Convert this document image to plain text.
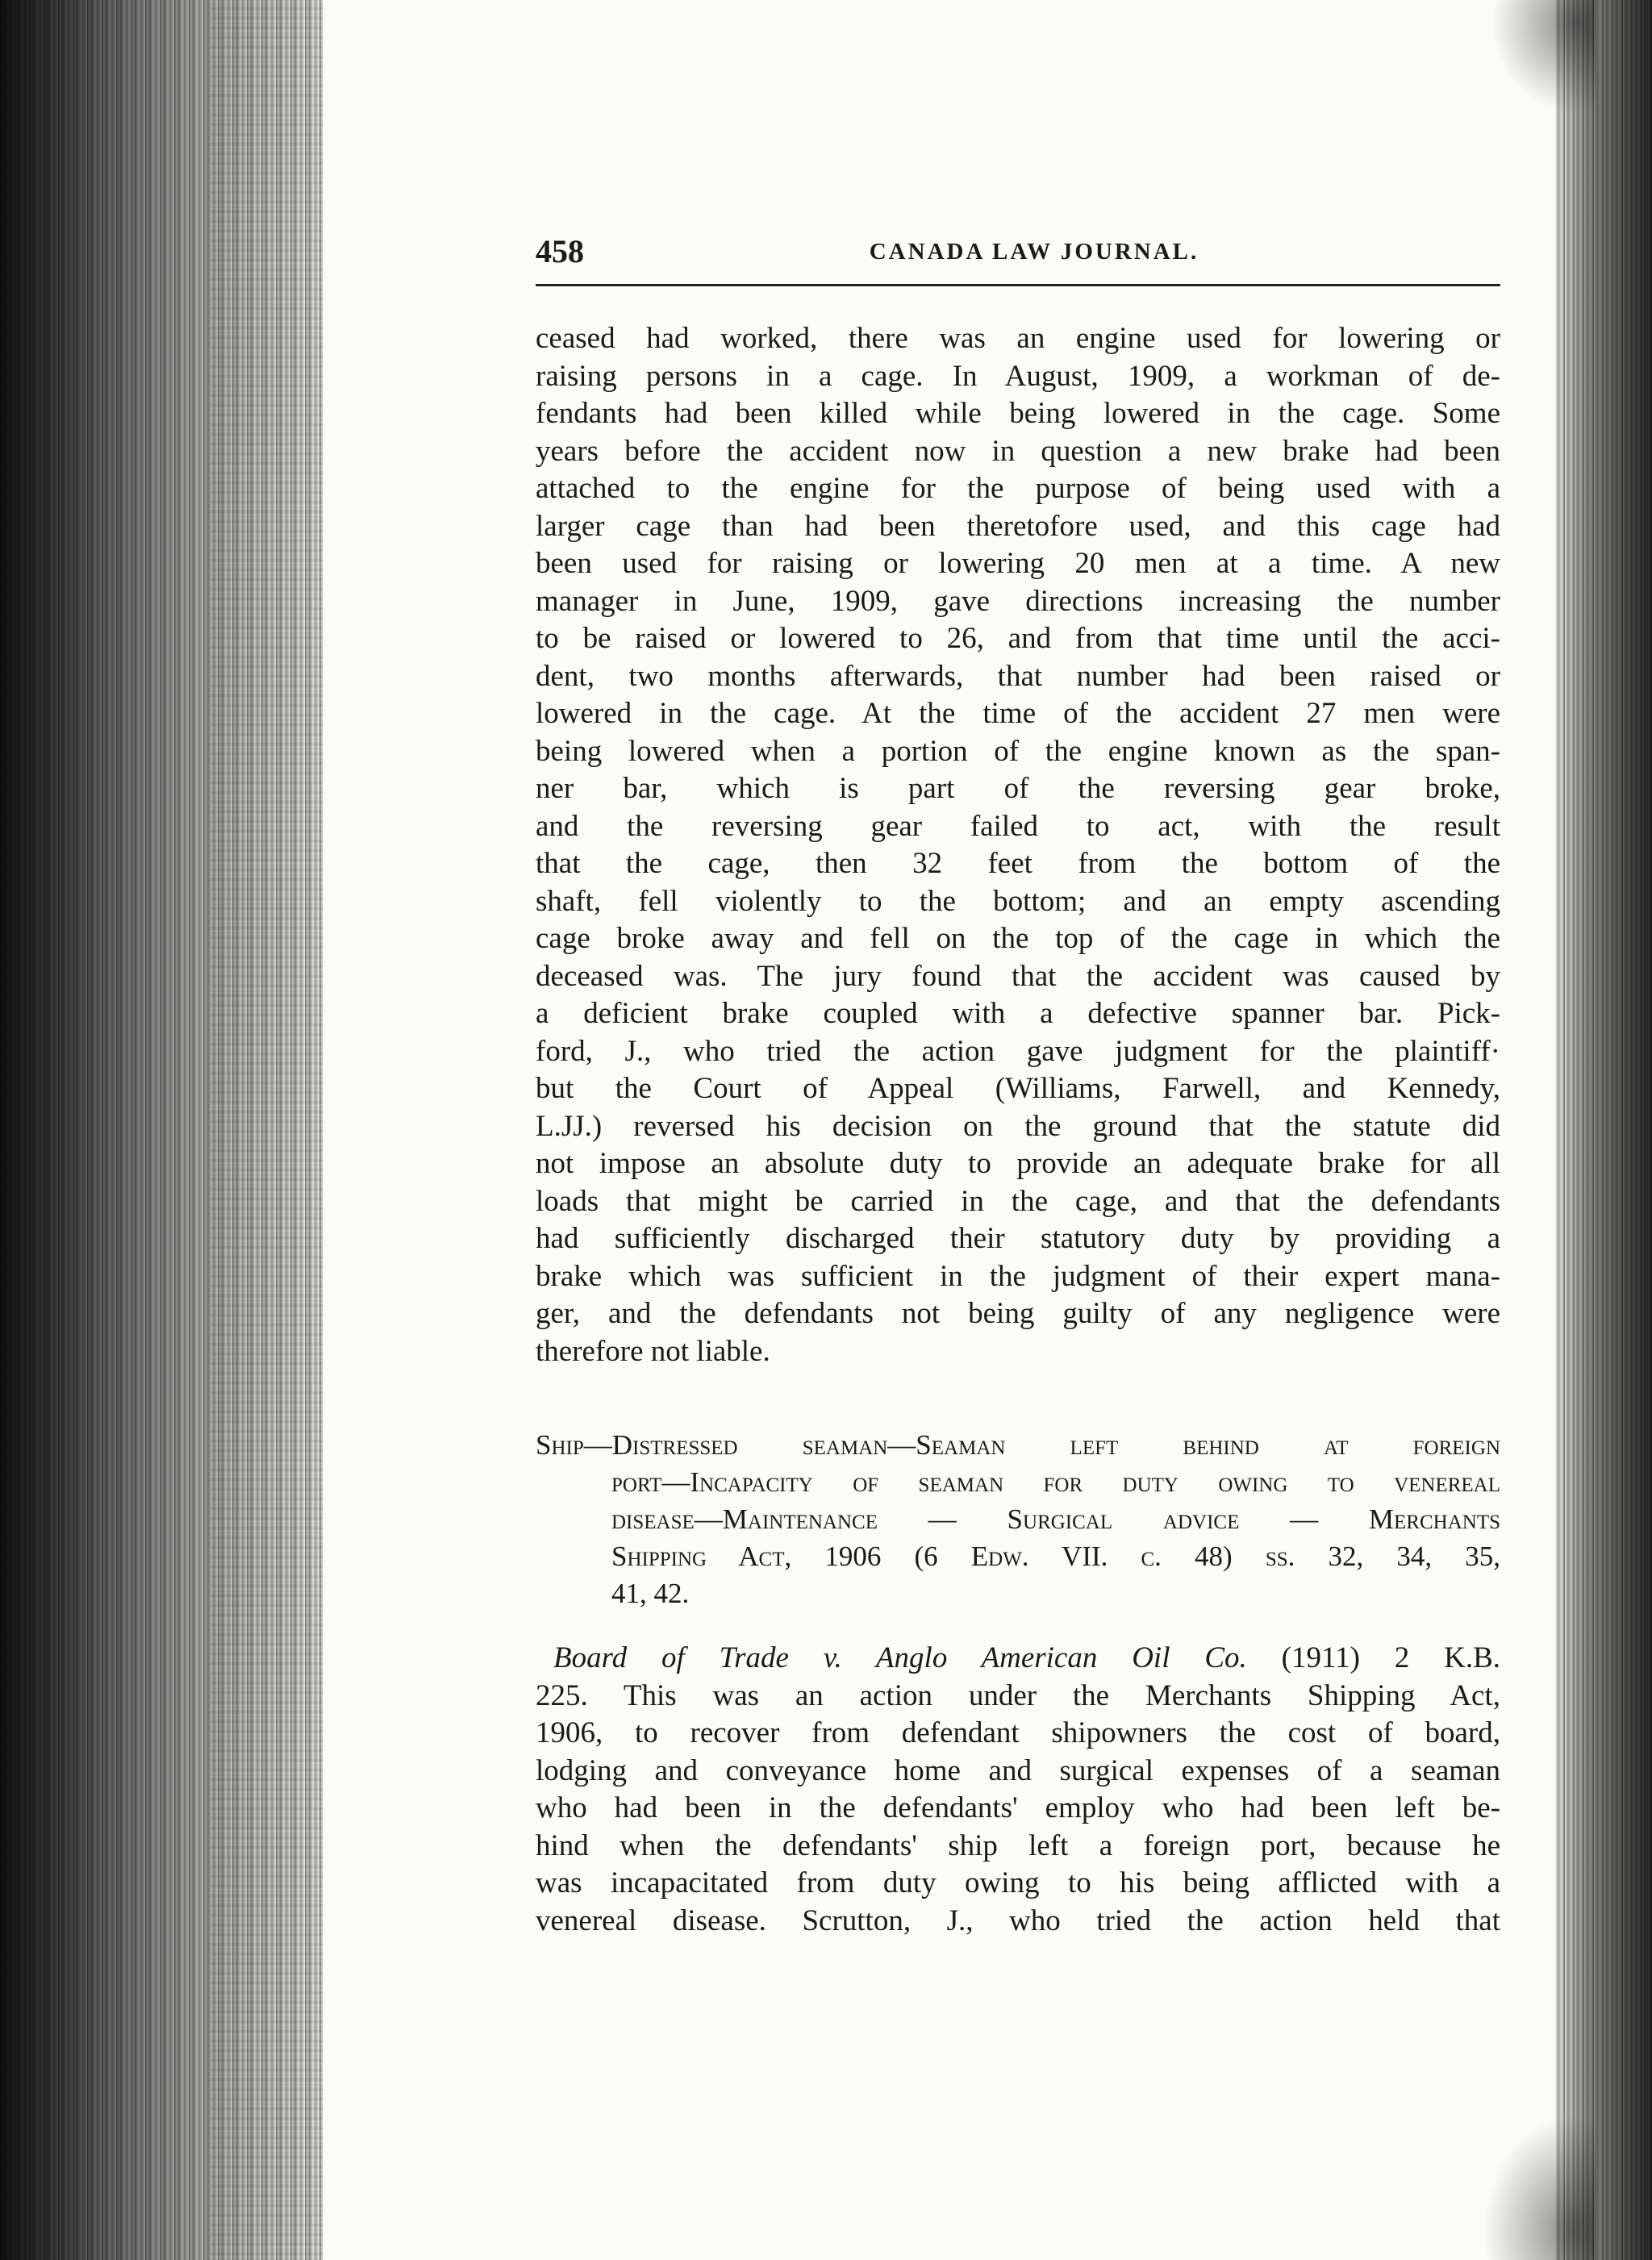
458	CANADA LAW JOURNAL.
ceased had worked, there was an engine used for lowering or
raising persons in a cage. In August, 1909, a workman of de-
fendants had been killed while being lowered in the cage. Some
years before the accident now in question a new brake had been
attached to the engine for the purpose of being used with a
larger cage than had been theretofore used, and this cage had
been used for raising or lowering 20 men at a time. A new
manager in June, 1909, gave directions increasing the number
to be raised or lowered to 26, and from that time until the acci-
dent, two months afterwards, that number had been raised or
lowered in the cage. At the time of the accident 27 men were
being lowered when a portion of the engine known as the span-
ner bar, which is part of the reversing gear broke,
and the reversing gear failed to act, with the result
that the cage, then 32 feet from the bottom of the
shaft, fell violently to the bottom; and an empty ascending
cage broke away and fell on the top of the cage in which the
deceased was. The jury found that the accident was caused by
a deficient brake coupled with a defective spanner bar. Pick-
ford, J., who tried the action gave judgment for the plaintiff·
but the Court of Appeal (Williams, Farwell, and Kennedy,
L.JJ.) reversed his decision on the ground that the statute did
not impose an absolute duty to provide an adequate brake for all
loads that might be carried in the cage, and that the defendants
had sufficiently discharged their statutory duty by providing a
brake which was sufficient in the judgment of their expert mana-
ger, and the defendants not being guilty of any negligence were
therefore not liable.
Ship—Distressed seaman—Seaman left behind at foreign
port—Incapacity of seaman for duty owing to venereal
disease—Maintenance — Surgical advice — Merchants
Shipping Act, 1906 (6 Edw. VII. c. 48) ss. 32, 34, 35,
41, 42.
Board of Trade v. Anglo American Oil Co. (1911) 2 K.B.
225. This was an action under the Merchants Shipping Act,
1906, to recover from defendant shipowners the cost of board,
lodging and conveyance home and surgical expenses of a seaman
who had been in the defendants' employ who had been left be-
hind when the defendants' ship left a foreign port, because he
was incapacitated from duty owing to his being afflicted with a
venereal disease. Scrutton, J., who tried the action held that
